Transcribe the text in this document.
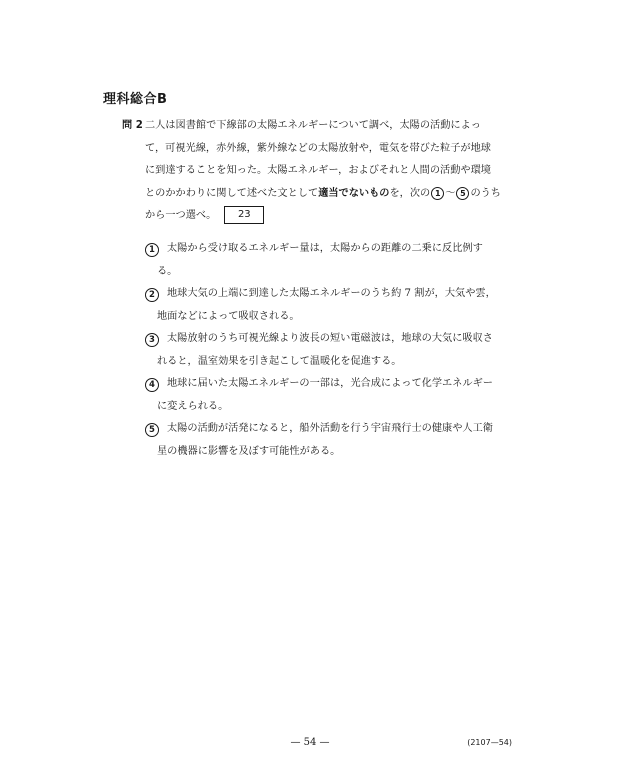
理科総合B
問 2 二人は図書館で下線部の太陽エネルギーについて調べ，太陽の活動によっ
て，可視光線，赤外線，紫外線などの太陽放射や，電気を帯びた粒子が地球
に到達することを知った。太陽エネルギー，およびそれと人間の活動や環境
とのかかわりに関して述べた文として適当でないものを，次の 1 ～ 5 のうち
から一つ選べ。 23
1	太陽から受け取るエネルギー量は，太陽からの距離の二乗に反比例す
る。
2	地球大気の上端に到達した太陽エネルギーのうち約 7 割が，大気や雲，
地面などによって吸収される。
3	太陽放射のうち可視光線より波長の短い電磁波は，地球の大気に吸収さ
れると，温室効果を引き起こして温暖化を促進する。
4	地球に届いた太陽エネルギーの一部は，光合成によって化学エネルギー
に変えられる。
5	太陽の活動が活発になると，船外活動を行う宇宙飛行士の健康や人工衛
星の機器に影響を及ぼす可能性がある。
— 54 —	(2107—54)
